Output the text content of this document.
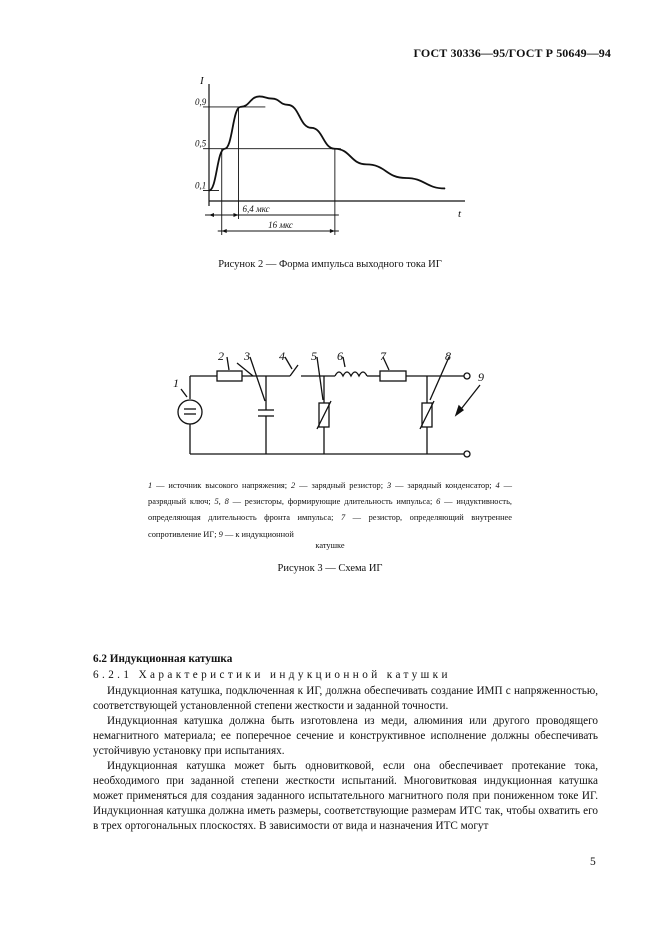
ГОСТ 30336—95/ГОСТ Р 50649—94
I
t
0,1
0,5
0,9
6,4 мкс
16 мкс
Рисунок 2 — Форма импульса выходного тока ИГ
1
2 3 4 5 6	7	8
9
1 — источник высокого напряжения; 2 — зарядный резистор; 3 — зарядный конденсатор; 4 — разрядный ключ; 5, 8 — резисторы, формирующие длительность импульса; 6 — индуктивность, определяющая длительность фронта импульса; 7 — резистор, определяющий внутреннее сопротивление ИГ; 9 — к индукционной
катушке
Рисунок 3 — Схема ИГ
6.2 Индукционная катушка
6.2.1 Характеристики индукционной катушки

Индукционная катушка, подключенная к ИГ, должна обеспечивать создание ИМП с напряженностью, соответствующей установленной степени жесткости и заданной точности.

Индукционная катушка должна быть изготовлена из меди, алюминия или другого проводящего немагнитного материала; ее поперечное сечение и конструктивное исполнение должны обеспечивать устойчивую установку при испытаниях.

Индукционная катушка может быть одновитковой, если она обеспечивает протекание тока, необходимого при заданной степени жесткости испытаний. Многовитковая индукционная катушка может применяться для создания заданного испытательного магнитного поля при пониженном токе ИГ. Индукционная катушка должна иметь размеры, соответствующие размерам ИТС так, чтобы охватить его в трех ортогональных плоскостях. В зависимости от вида и назначения ИТС могут

5
